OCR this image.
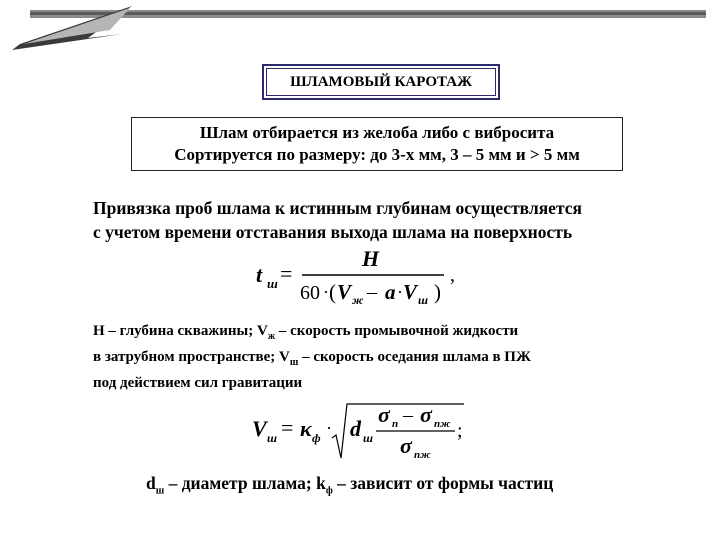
ШЛАМОВЫЙ КАРОТАЖ
Шлам отбирается из желоба либо с вибросита
Сортируется по размеру: до 3-х мм, 3 – 5 мм и > 5 мм
Привязка проб шлама к истинным глубинам осуществляется
с учетом времени отставания выхода шлама на поверхность
t ш =
H
60 · ( V ж – a · V ш )
,
Н – глубина скважины; $V_ж$ – скорость промывочной жидкости
в затрубном пространстве; $V_ш$ – скорость оседания шлама в ПЖ
под действием сил гравитации
V ш = κ ф · d ш
σ п – σ пж
σ пж
;
$d_ш$ – диаметр шлама; $k_ф$ – зависит от формы частиц
